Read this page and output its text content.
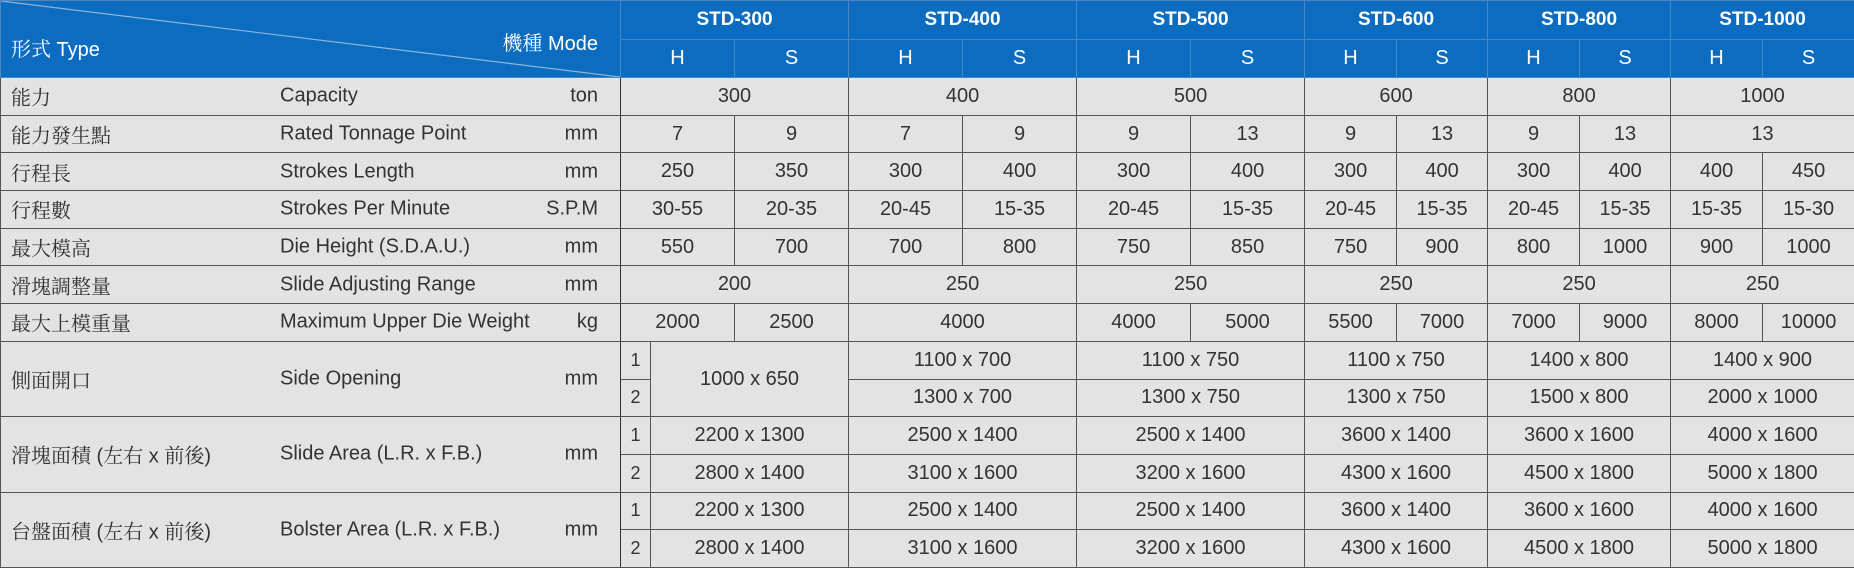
形式 Type 機種 Mode	STD-300			STD-400		STD-500		STD-600		STD-800		STD-1000	
	H		S	H	S	H	S	H	S	H	S	H	S

能力 Capacity ton	300			400		500		600		800		1000	

能力發生點 Rated Tonnage Point mm	7		9	7	9	9	13	9	13	9	13	13	

行程長 Strokes Length mm	250		350	300	400	300	400	300	400	300	400	400	450

行程數 Strokes Per Minute S.P.M	30-55		20-35	20-45	15-35	20-45	15-35	20-45	15-35	20-45	15-35	15-35	15-30

最大模高 Die Height (S.D.A.U.) mm	550		700	700	800	750	850	750	900	800	1000	900	1000

滑塊調整量 Slide Adjusting Range mm	200			250		250		250		250		250	

最大上模重量 Maximum Upper Die Weight kg	2000		2500	4000		4000	5000	5500	7000	7000	9000	8000	10000

側面開口 Side Opening mm	1	1000 x 650		1100 x 700		1100 x 750		1100 x 750		1400 x 800		1400 x 900	
	2			1300 x 700		1300 x 750		1300 x 750		1500 x 800		2000 x 1000	

滑塊面積 (左右 x 前後) Slide Area (L.R. x F.B.) mm	1	2200 x 1300		2500 x 1400		2500 x 1400		3600 x 1400		3600 x 1600		4000 x 1600	
	2	2800 x 1400		3100 x 1600		3200 x 1600		4300 x 1600		4500 x 1800		5000 x 1800	

台盤面積 (左右 x 前後) Bolster Area (L.R. x F.B.) mm	1	2200 x 1300		2500 x 1400		2500 x 1400		3600 x 1400		3600 x 1600		4000 x 1600	
	2	2800 x 1400		3100 x 1600		3200 x 1600		4300 x 1600		4500 x 1800		5000 x 1800	
